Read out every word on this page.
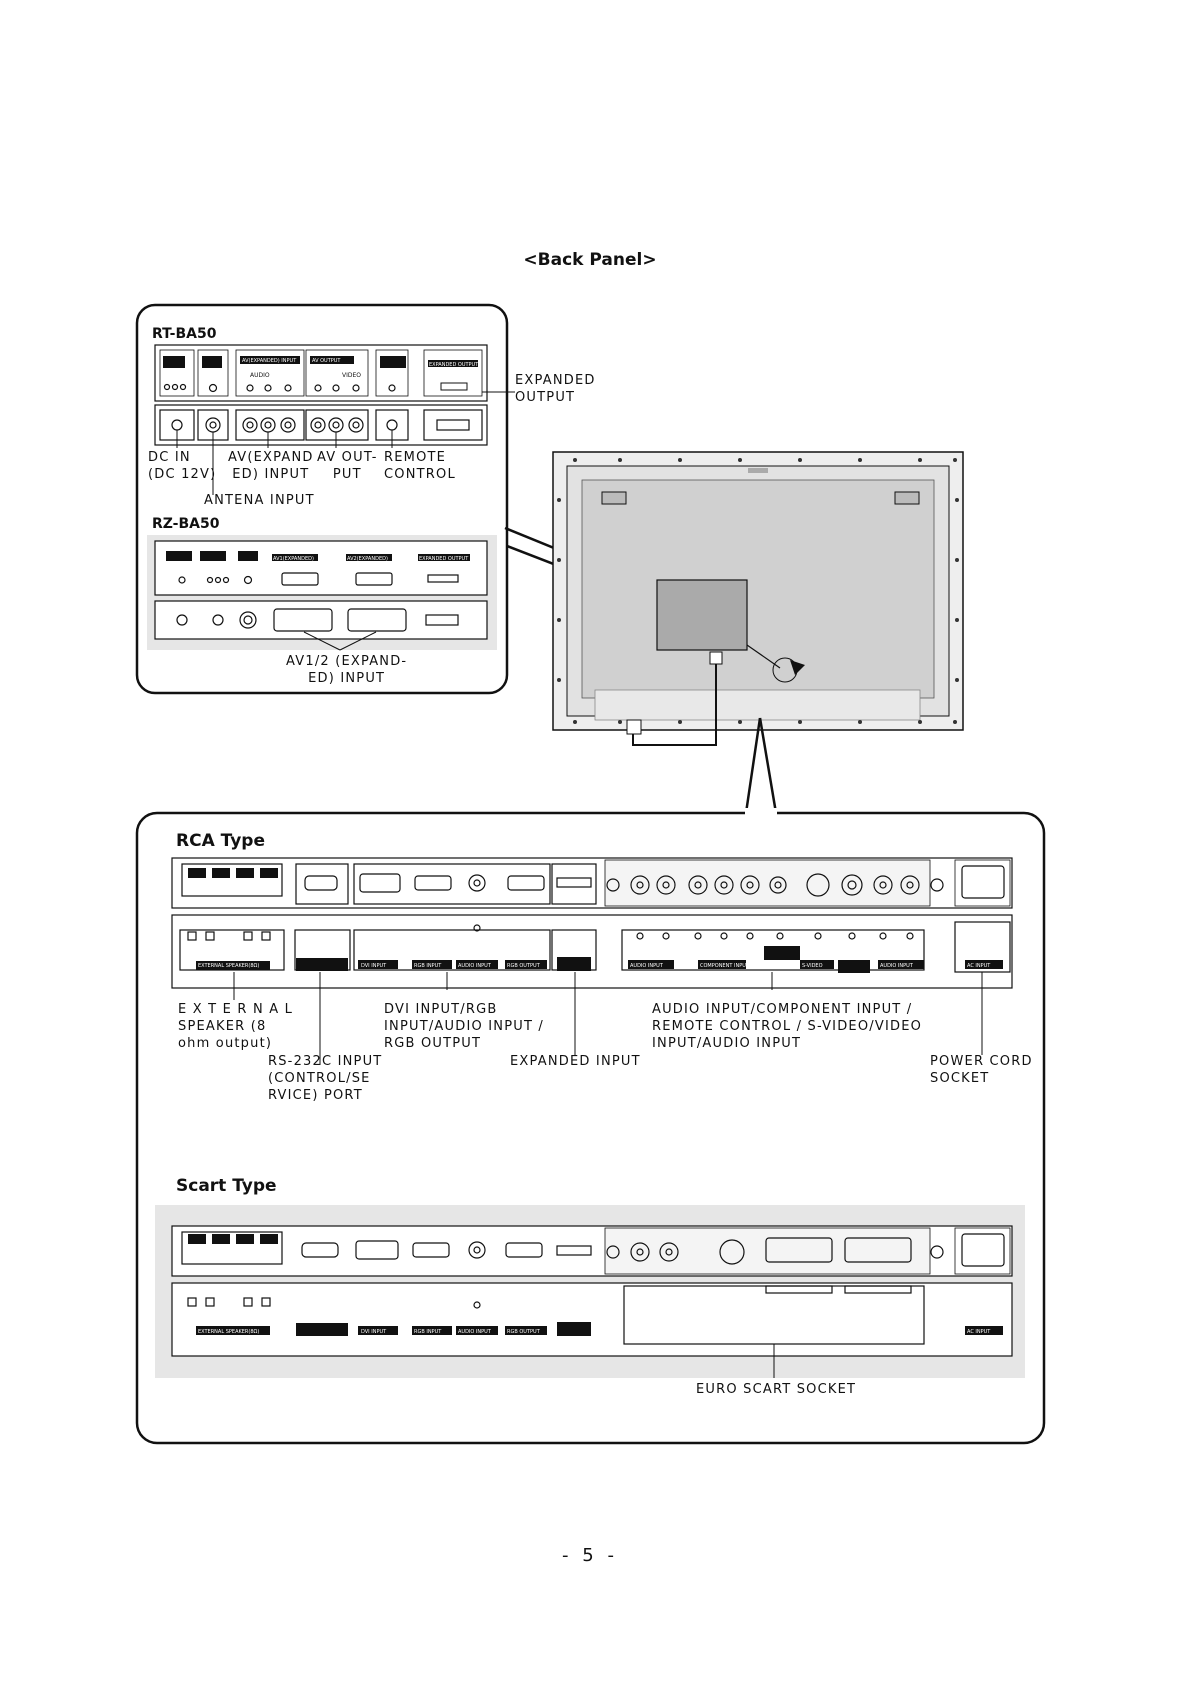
<Back Panel>
AV(EXPANDED) INPUT	AV OUTPUT
EXPANDED OUTPUT
AUDIO	VIDEO
AV1(EXPANDED)	AV2(EXPANDED)	EXPANDED OUTPUT
EXTERNAL SPEAKER(8Ω)	DVI INPUT	RGB INPUT	AUDIO INPUT	RGB OUTPUT	AUDIO INPUT	COMPONENT INPUT	S-VIDEO	AUDIO INPUT	AC INPUT
EXTERNAL SPEAKER(8Ω)	DVI INPUT	RGB INPUT	AUDIO INPUT	RGB OUTPUT	AC INPUT
RT-BA50
RZ-BA50
DC IN
(DC 12V)
AV(EXPAND
ED) INPUT
AV OUT-
PUT
REMOTE
CONTROL
ANTENA INPUT
EXPANDED
OUTPUT
AV1/2 (EXPAND-
ED) INPUT
RCA Type
Scart Type
E X T E R N A L
SPEAKER (8
ohm output)
RS-232C INPUT
(CONTROL/SE
RVICE) PORT
DVI INPUT/RGB
INPUT/AUDIO INPUT /
RGB OUTPUT
EXPANDED INPUT
AUDIO INPUT/COMPONENT INPUT /
REMOTE CONTROL / S-VIDEO/VIDEO
INPUT/AUDIO INPUT
POWER CORD
SOCKET
EURO SCART SOCKET
- 5 -
